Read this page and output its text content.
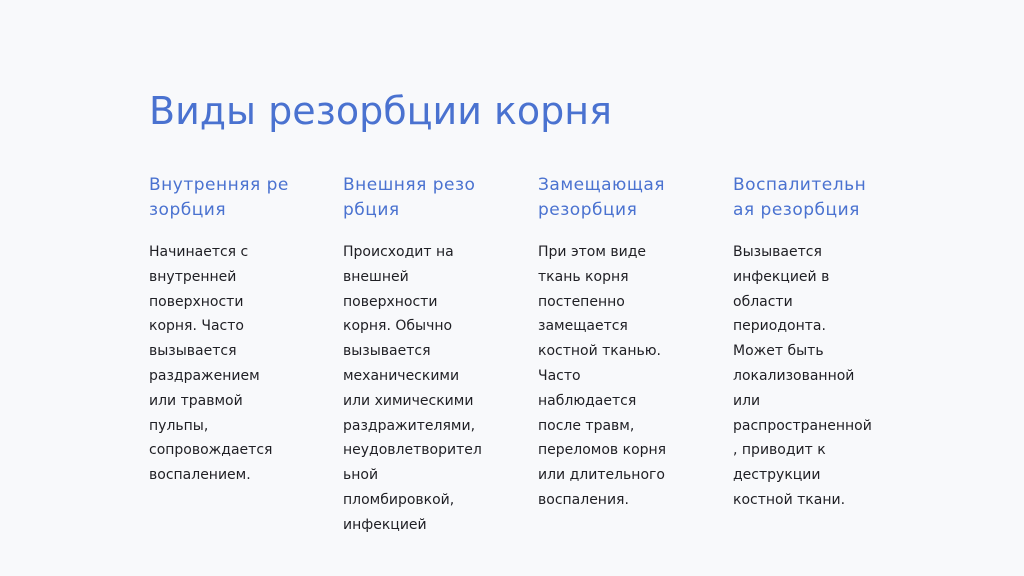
Виды резорбции корня
Внутренняя резорбция

Начинается с внутренней поверхности корня. Часто вызывается раздражением или травмой пульпы, сопровождается воспалением.

Внешняя резорбция

Происходит на внешней поверхности корня. Обычно вызывается механическими или химическими раздражителями, неудовлетворительной пломбировкой, инфекцией

Замещающая резорбция

При этом виде ткань корня постепенно замещается костной тканью. Часто наблюдается после травм, переломов корня или длительного воспаления.

Воспалительная резорбция

Вызывается инфекцией в области периодонта. Может быть локализованной или распространенной, приводит к деструкции костной ткани.
